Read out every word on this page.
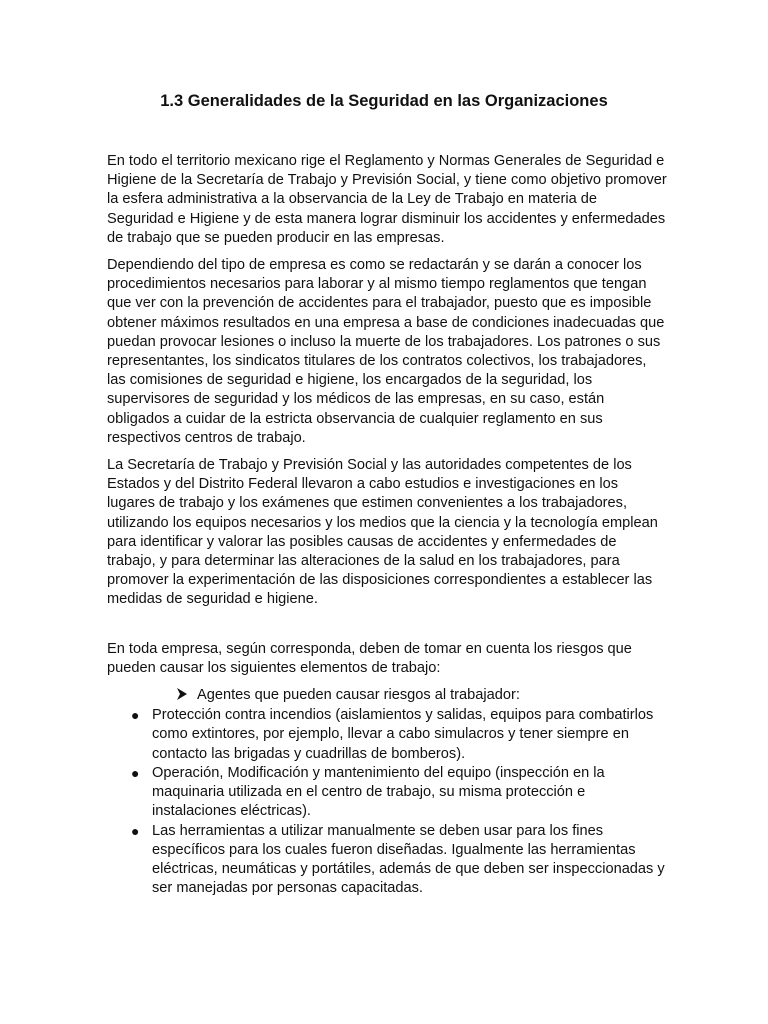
1.3 Generalidades de la Seguridad en las Organizaciones

En todo el territorio mexicano rige el Reglamento y Normas Generales de Seguridad e Higiene de la Secretaría de Trabajo y Previsión Social, y tiene como objetivo promover la esfera administrativa a la observancia de la Ley de Trabajo en materia de Seguridad e Higiene y de esta manera lograr disminuir los accidentes y enfermedades de trabajo que se pueden producir en las empresas.

Dependiendo del tipo de empresa es como se redactarán y se darán a conocer los procedimientos necesarios para laborar y al mismo tiempo reglamentos que tengan que ver con la prevención de accidentes para el trabajador, puesto que es imposible obtener máximos resultados en una empresa a base de condiciones inadecuadas que puedan provocar lesiones o incluso la muerte de los trabajadores. Los patrones o sus representantes, los sindicatos titulares de los contratos colectivos, los trabajadores, las comisiones de seguridad e higiene, los encargados de la seguridad, los supervisores de seguridad y los médicos de las empresas, en su caso, están obligados a cuidar de la estricta observancia de cualquier reglamento en sus respectivos centros de trabajo.

La Secretaría de Trabajo y Previsión Social y las autoridades competentes de los Estados y del Distrito Federal llevaron a cabo estudios e investigaciones en los lugares de trabajo y los exámenes que estimen convenientes a los trabajadores, utilizando los equipos necesarios y los medios que la ciencia y la tecnología emplean para identificar y valorar las posibles causas de accidentes y enfermedades de trabajo, y para determinar las alteraciones de la salud en los trabajadores, para promover la experimentación de las disposiciones correspondientes a establecer las medidas de seguridad e higiene.

En toda empresa, según corresponda, deben de tomar en cuenta los riesgos que pueden causar los siguientes elementos de trabajo:

Agentes que pueden causar riesgos al trabajador:
● Protección contra incendios (aislamientos y salidas, equipos para combatirlos como extintores, por ejemplo, llevar a cabo simulacros y tener siempre en contacto las brigadas y cuadrillas de bomberos).
● Operación, Modificación y mantenimiento del equipo (inspección en la maquinaria utilizada en el centro de trabajo, su misma protección e instalaciones eléctricas).
● Las herramientas a utilizar manualmente se deben usar para los fines específicos para los cuales fueron diseñadas. Igualmente las herramientas eléctricas, neumáticas y portátiles, además de que deben ser inspeccionadas y ser manejadas por personas capacitadas.
